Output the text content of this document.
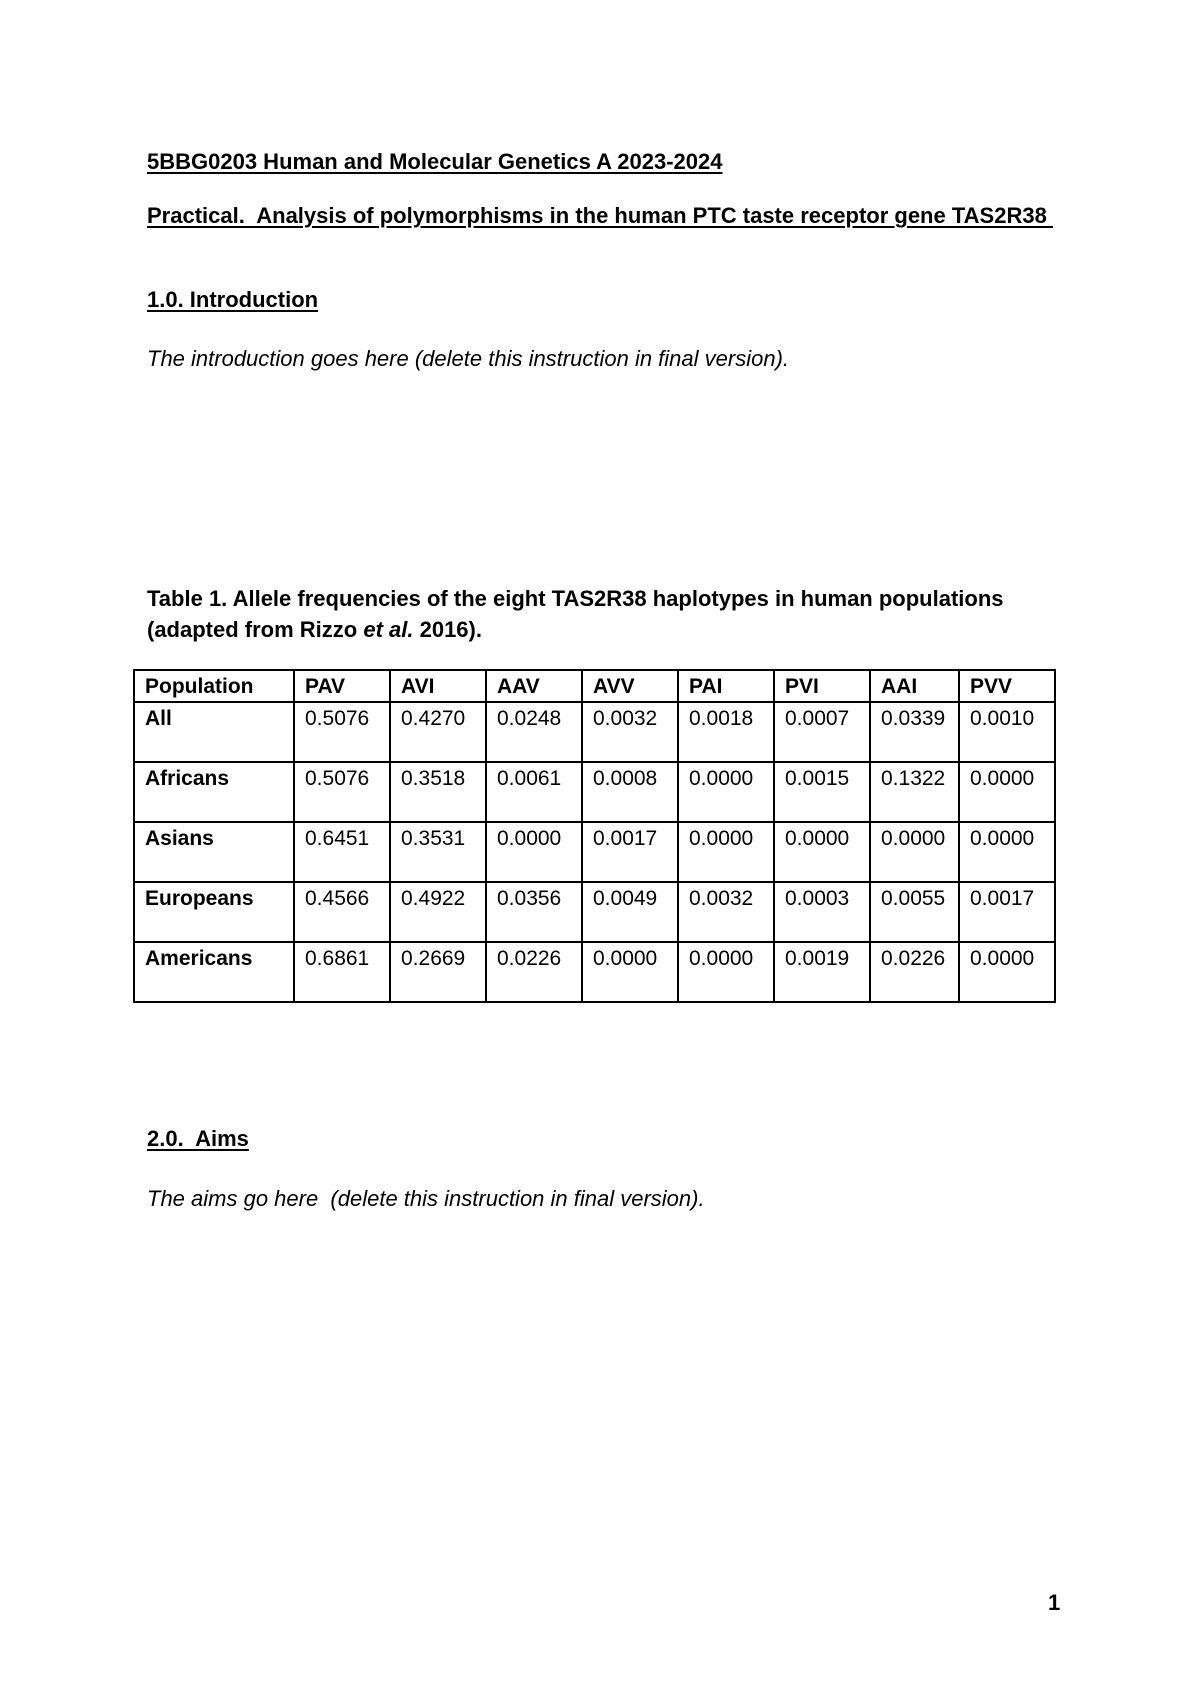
5BBG0203 Human and Molecular Genetics A 2023-2024
Practical.  Analysis of polymorphisms in the human PTC taste receptor gene TAS2R38
1.0. Introduction
The introduction goes here (delete this instruction in final version).
Table 1. Allele frequencies of the eight TAS2R38 haplotypes in human populations (adapted from Rizzo et al. 2016).
Population	PAV	AVI	AAV	AVV	PAI	PVI	AAI	PVV
All	0.5076	0.4270	0.0248	0.0032	0.0018	0.0007	0.0339	0.0010
Africans	0.5076	0.3518	0.0061	0.0008	0.0000	0.0015	0.1322	0.0000
Asians	0.6451	0.3531	0.0000	0.0017	0.0000	0.0000	0.0000	0.0000
Europeans	0.4566	0.4922	0.0356	0.0049	0.0032	0.0003	0.0055	0.0017
Americans	0.6861	0.2669	0.0226	0.0000	0.0000	0.0019	0.0226	0.0000
2.0.  Aims
The aims go here  (delete this instruction in final version).
1
